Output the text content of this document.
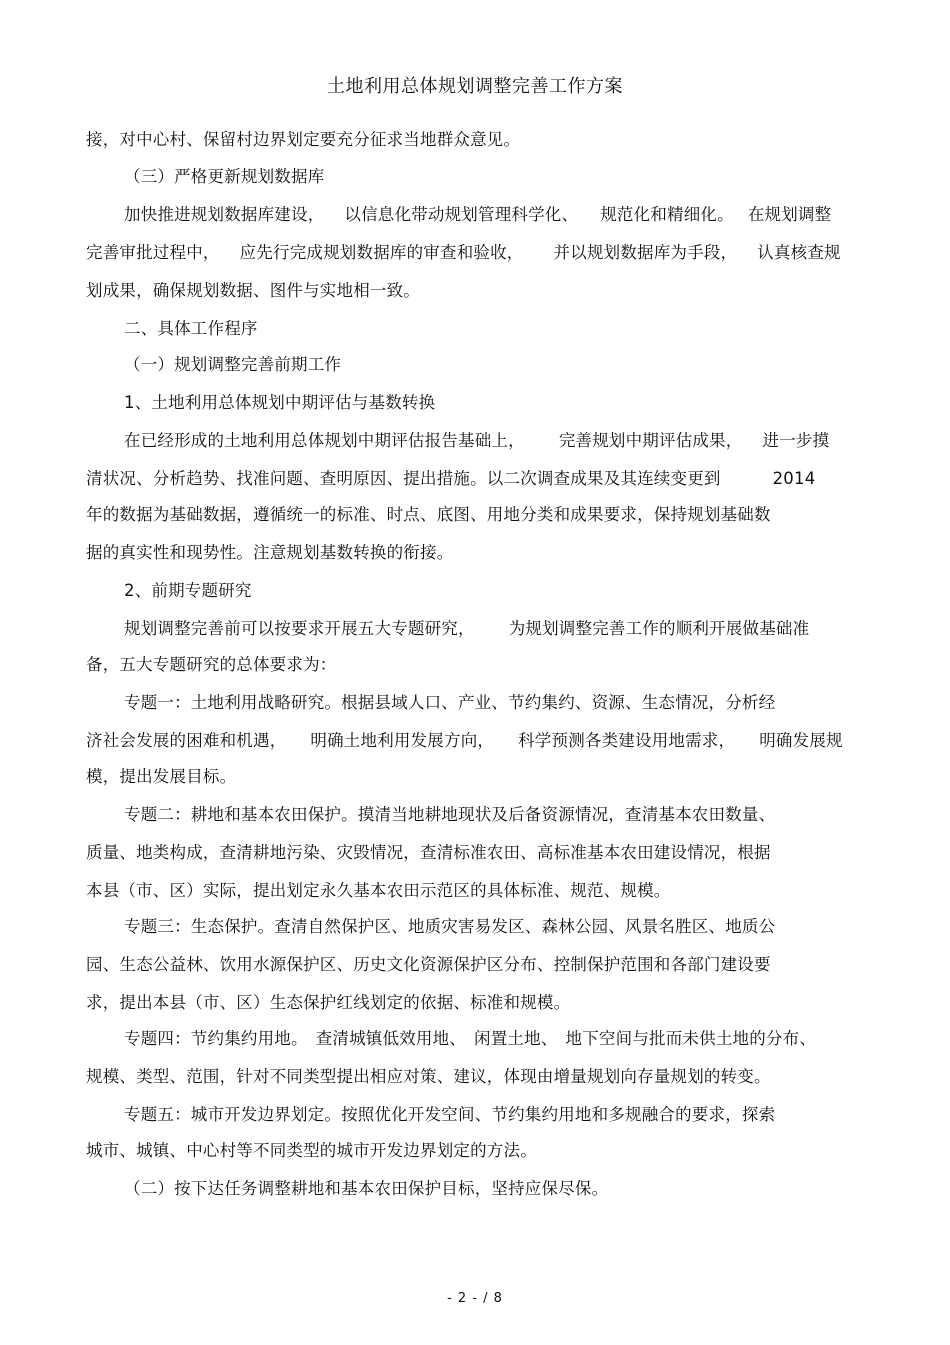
土地利用总体规划调整完善工作方案
接，对中心村、保留村边界划定要充分征求当地群众意见。
（三）严格更新规划数据库
加快推进规划数据库建设， 以信息化带动规划管理科学化、 规范化和精细化。 在规划调整
完善审批过程中， 应先行完成规划数据库的审查和验收， 并以规划数据库为手段， 认真核查规
划成果，确保规划数据、图件与实地相一致。
二、具体工作程序
（一）规划调整完善前期工作
1、土地利用总体规划中期评估与基数转换
在已经形成的土地利用总体规划中期评估报告基础上， 完善规划中期评估成果， 进一步摸
清状况、分析趋势、找准问题、查明原因、提出措施。以二次调查成果及其连续变更到	2014
年的数据为基础数据，遵循统一的标准、时点、底图、用地分类和成果要求，保持规划基础数
据的真实性和现势性。注意规划基数转换的衔接。
2、前期专题研究
规划调整完善前可以按要求开展五大专题研究， 为规划调整完善工作的顺利开展做基础准
备，五大专题研究的总体要求为：
专题一：土地利用战略研究。根据县域人口、产业、节约集约、资源、生态情况，分析经
济社会发展的困难和机遇， 明确土地利用发展方向， 科学预测各类建设用地需求， 明确发展规
模，提出发展目标。
专题二：耕地和基本农田保护。摸清当地耕地现状及后备资源情况，查清基本农田数量、
质量、地类构成，查清耕地污染、灾毁情况，查清标准农田、高标准基本农田建设情况，根据
本县（市、区）实际，提出划定永久基本农田示范区的具体标准、规范、规模。
专题三：生态保护。查清自然保护区、地质灾害易发区、森林公园、风景名胜区、地质公
园、生态公益林、饮用水源保护区、历史文化资源保护区分布、控制保护范围和各部门建设要
求，提出本县（市、区）生态保护红线划定的依据、标准和规模。
专题四：节约集约用地。 查清城镇低效用地、 闲置土地、 地下空间与批而未供土地的分布、
规模、类型、范围，针对不同类型提出相应对策、建议，体现由增量规划向存量规划的转变。
专题五：城市开发边界划定。按照优化开发空间、节约集约用地和多规融合的要求，探索
城市、城镇、中心村等不同类型的城市开发边界划定的方法。
（二）按下达任务调整耕地和基本农田保护目标，坚持应保尽保。
- 2 - / 8
